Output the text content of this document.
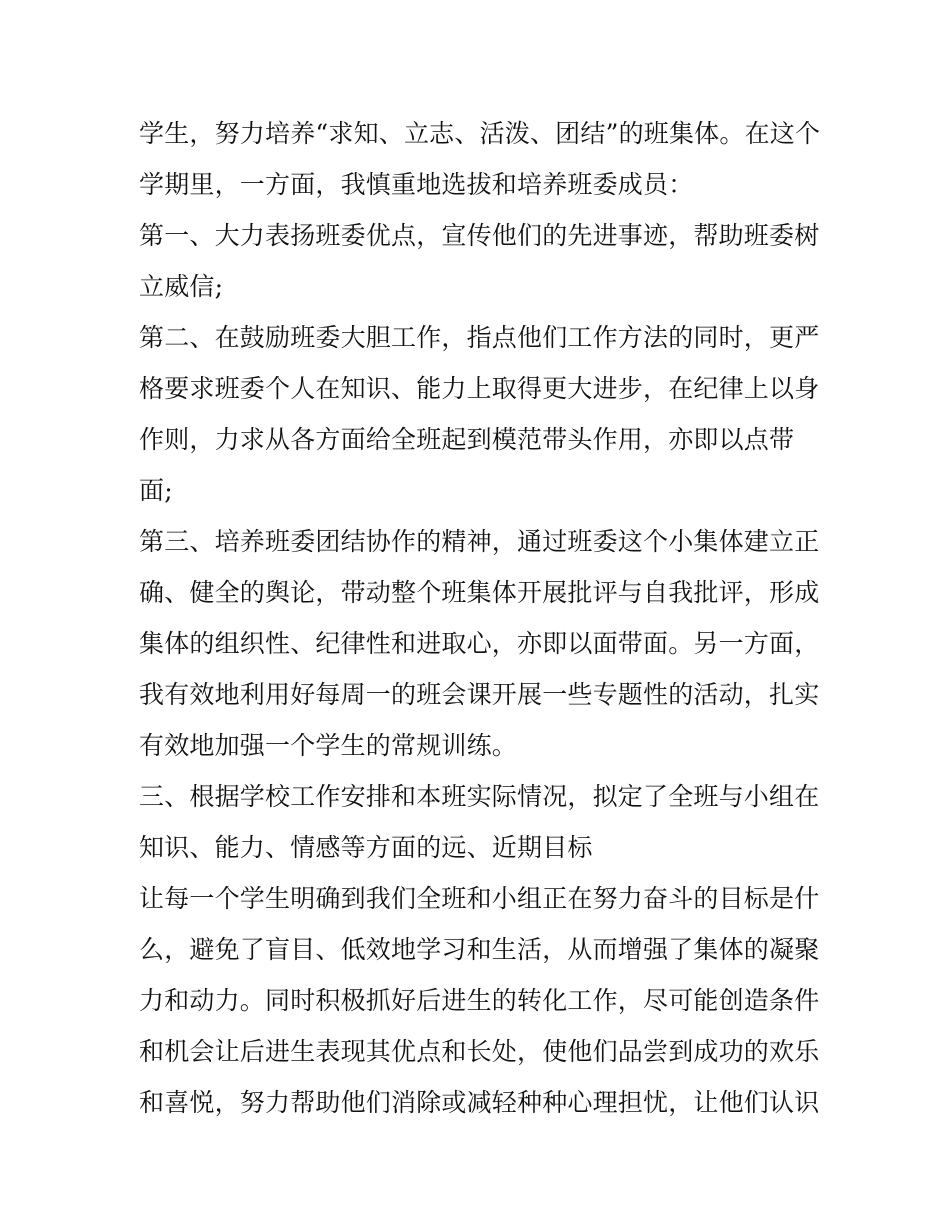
学生，努力培养“求知、立志、活泼、团结”的班集体。在这个
学期里，一方面，我慎重地选拔和培养班委成员：
第一、大力表扬班委优点，宣传他们的先进事迹，帮助班委树
立威信;
第二、在鼓励班委大胆工作，指点他们工作方法的同时，更严
格要求班委个人在知识、能力上取得更大进步，在纪律上以身
作则，力求从各方面给全班起到模范带头作用，亦即以点带
面;
第三、培养班委团结协作的精神，通过班委这个小集体建立正
确、健全的舆论，带动整个班集体开展批评与自我批评，形成
集体的组织性、纪律性和进取心，亦即以面带面。另一方面，
我有效地利用好每周一的班会课开展一些专题性的活动，扎实
有效地加强一个学生的常规训练。
三、根据学校工作安排和本班实际情况，拟定了全班与小组在
知识、能力、情感等方面的远、近期目标
让每一个学生明确到我们全班和小组正在努力奋斗的目标是什
么，避免了盲目、低效地学习和生活，从而增强了集体的凝聚
力和动力。同时积极抓好后进生的转化工作，尽可能创造条件
和机会让后进生表现其优点和长处，使他们品尝到成功的欢乐
和喜悦，努力帮助他们消除或减轻种种心理担忧，让他们认识
